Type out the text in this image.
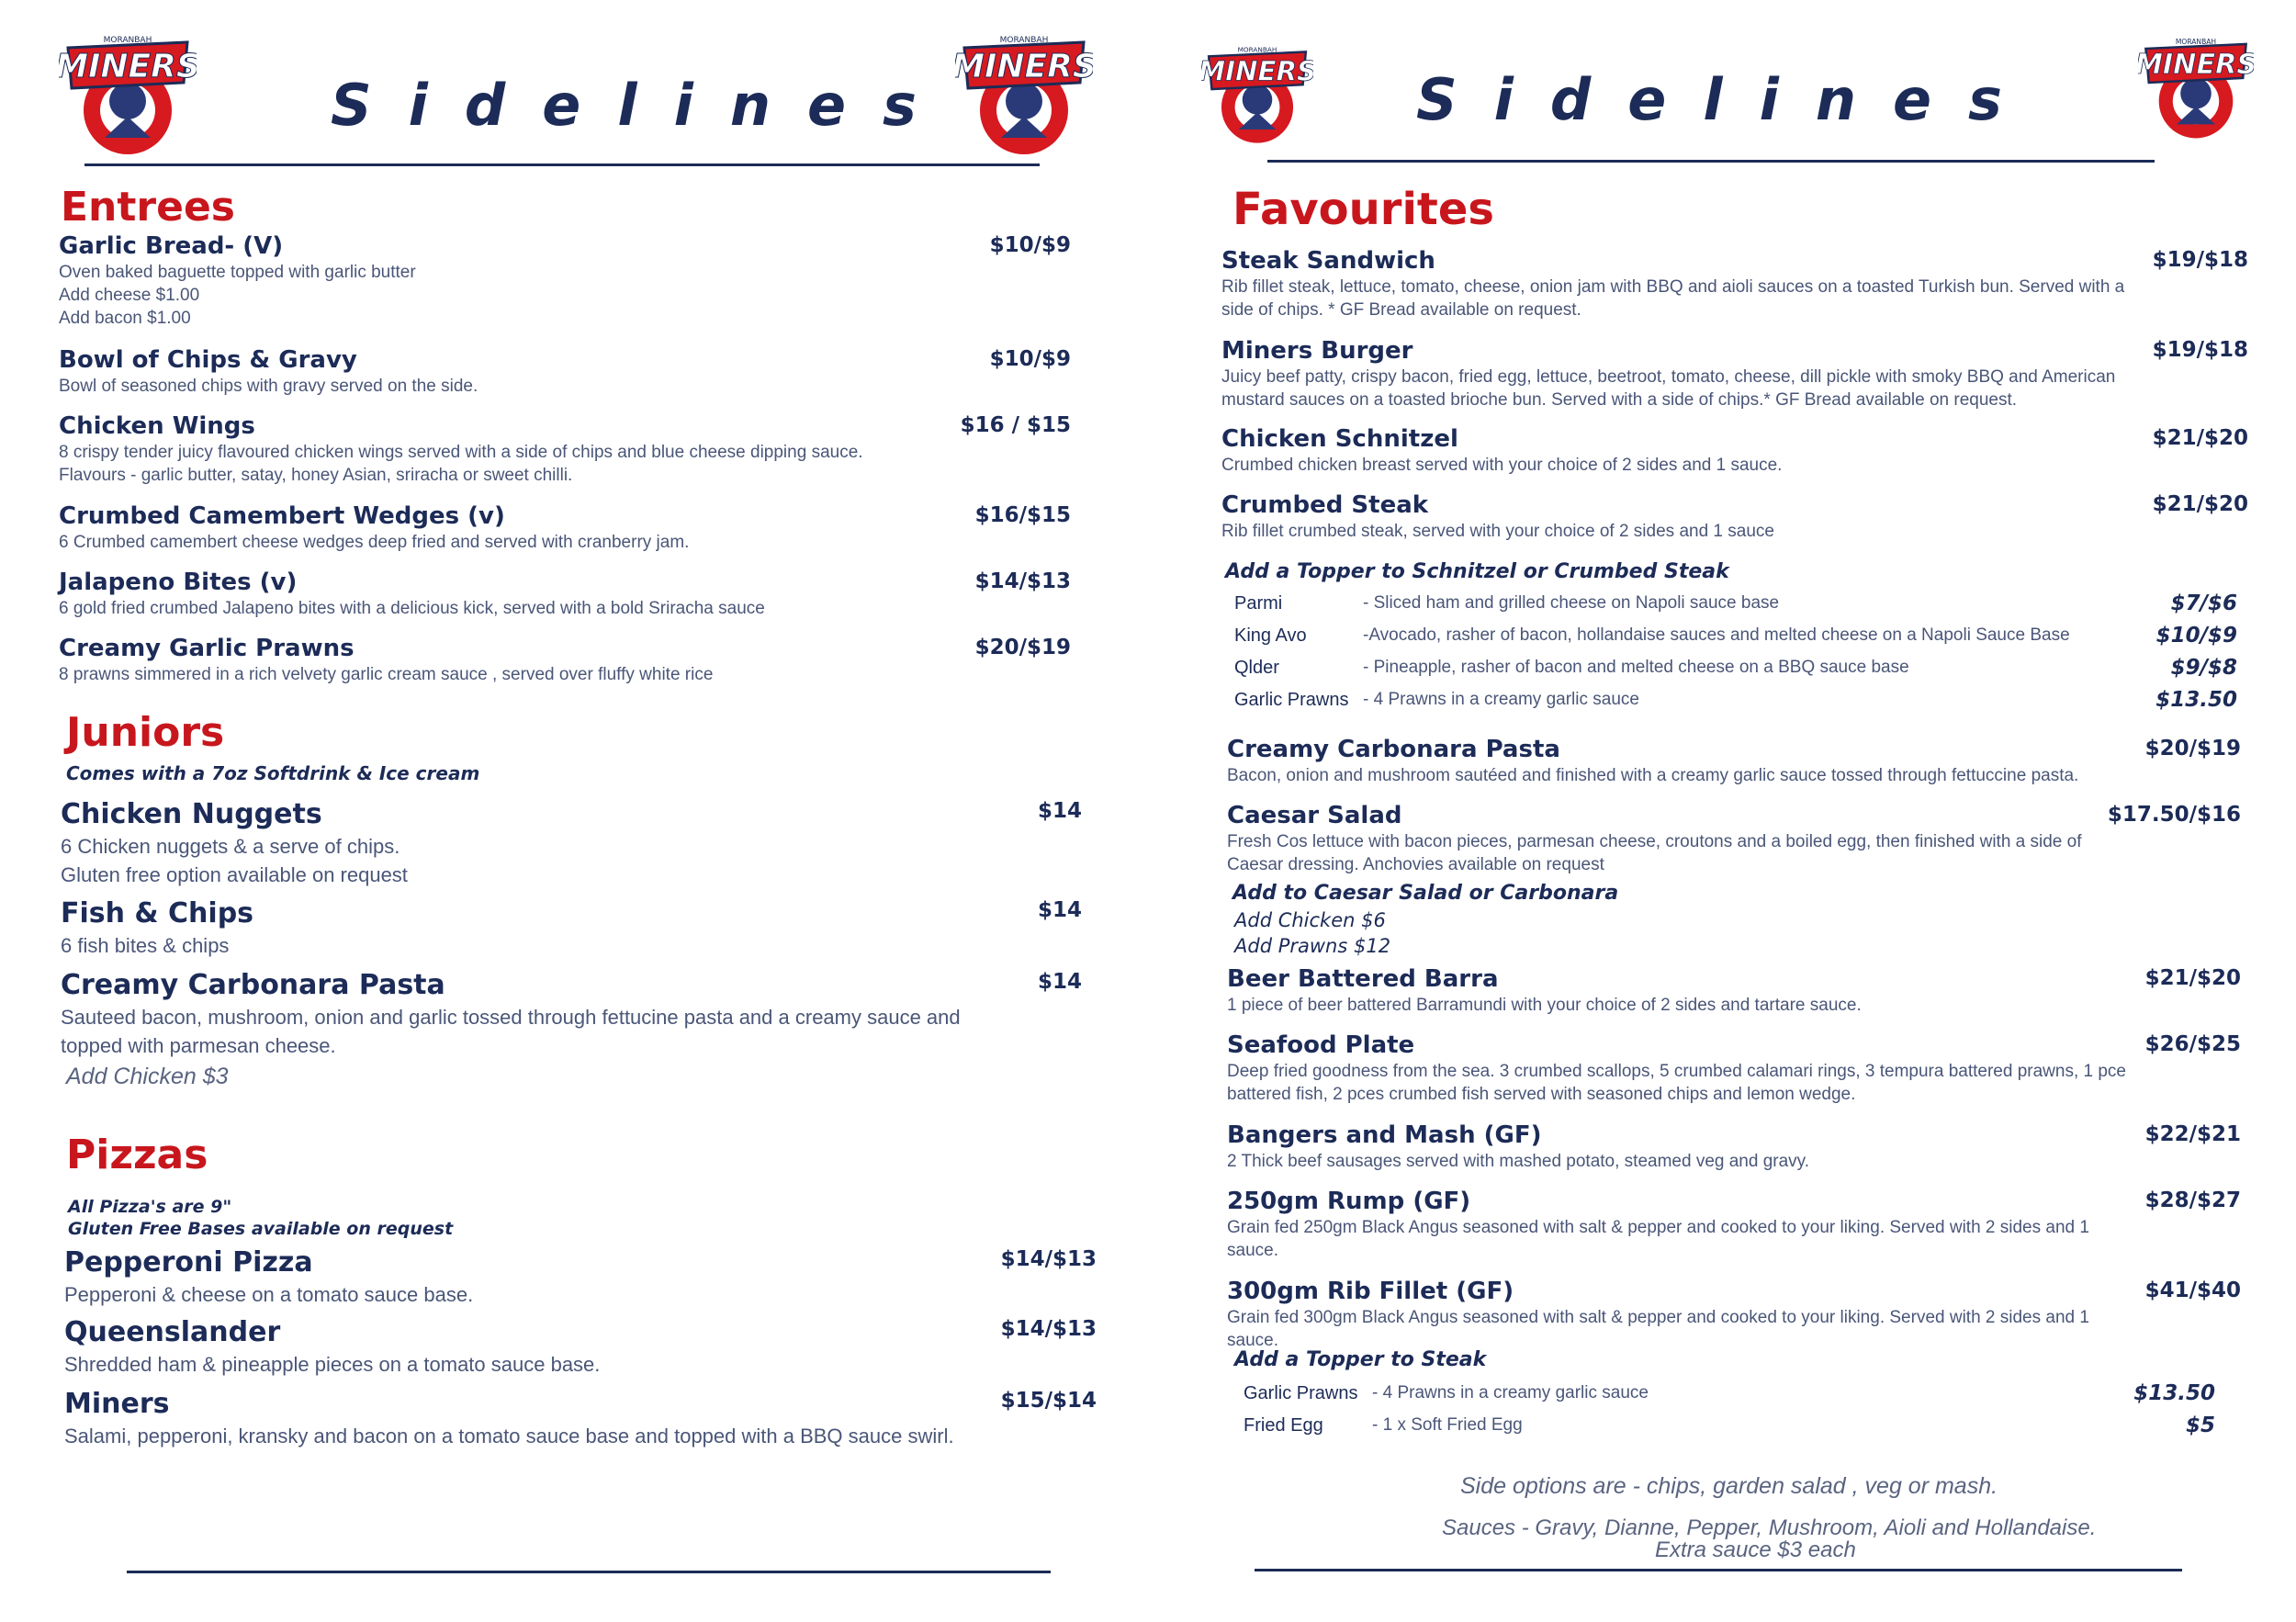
MINERS
MORANBAH
MINERS
MORANBAH
Sidelines
Entrees
Garlic Bread- (V)
Oven baked baguette topped with garlic butter
Add cheese $1.00
Add bacon $1.00
$10/$9
Bowl of Chips & Gravy
Bowl of seasoned chips with gravy served on the side.
$10/$9
Chicken Wings
8 crispy tender juicy flavoured chicken wings served with a side of chips and blue cheese dipping sauce.
Flavours - garlic butter, satay, honey Asian, sriracha or sweet chilli.
$16 / $15
Crumbed Camembert Wedges (v)
6 Crumbed camembert cheese wedges deep fried and served with cranberry jam.
$16/$15
Jalapeno Bites (v)
6 gold fried crumbed Jalapeno bites with a delicious kick, served with a bold Sriracha sauce
$14/$13
Creamy Garlic Prawns
8 prawns simmered in a rich velvety garlic cream sauce , served over fluffy white rice
$20/$19
Juniors
Comes with a 7oz Softdrink & Ice cream
Chicken Nuggets
6 Chicken nuggets & a serve of chips.
Gluten free option available on request
$14
Fish & Chips
6 fish bites & chips
$14
Creamy Carbonara Pasta
Sauteed bacon, mushroom, onion and garlic tossed through fettucine pasta and a creamy sauce and
topped with parmesan cheese.
$14
Add Chicken $3
Pizzas
All Pizza's are 9"
Gluten Free Bases available on request
Pepperoni Pizza
Pepperoni & cheese on a tomato sauce base.
$14/$13
Queenslander
Shredded ham & pineapple pieces on a tomato sauce base.
$14/$13
Miners
Salami, pepperoni, kransky and bacon on a tomato sauce base and topped with a BBQ sauce swirl.
$15/$14
MINERS
MORANBAH	MINERS
MORANBAH
Sidelines
Favourites
Steak Sandwich
Rib fillet steak, lettuce, tomato, cheese, onion jam with BBQ and aioli sauces on a toasted Turkish bun. Served with a
side of chips. * GF Bread available on request.
$19/$18
Miners Burger
Juicy beef patty, crispy bacon, fried egg, lettuce, beetroot, tomato, cheese, dill pickle with smoky BBQ and American
mustard sauces on a toasted brioche bun. Served with a side of chips.* GF Bread available on request.
$19/$18
Chicken Schnitzel
Crumbed chicken breast served with your choice of 2 sides and 1 sauce.
$21/$20
Crumbed Steak
Rib fillet crumbed steak, served with your choice of 2 sides and 1 sauce
$21/$20
Add a Topper to Schnitzel or Crumbed Steak
Parmi	- Sliced ham and grilled cheese on Napoli sauce base	$7/$6
King Avo	-Avocado, rasher of bacon, hollandaise sauces and melted cheese on a Napoli Sauce Base	$10/$9
Qlder	- Pineapple, rasher of bacon and melted cheese on a BBQ sauce base	$9/$8
Garlic Prawns - 4 Prawns in a creamy garlic sauce	$13.50
Creamy Carbonara Pasta
Bacon, onion and mushroom sautéed and finished with a creamy garlic sauce tossed through fettuccine pasta.
$20/$19
Caesar Salad
Fresh Cos lettuce with bacon pieces, parmesan cheese, croutons and a boiled egg, then finished with a side of
Caesar dressing. Anchovies available on request
$17.50/$16
Add to Caesar Salad or Carbonara
Add Chicken $6
Add Prawns $12
Beer Battered Barra
1 piece of beer battered Barramundi with your choice of 2 sides and tartare sauce.
$21/$20
Seafood Plate
Deep fried goodness from the sea. 3 crumbed scallops, 5 crumbed calamari rings, 3 tempura battered prawns, 1 pce
battered fish, 2 pces crumbed fish served with seasoned chips and lemon wedge.
$26/$25
Bangers and Mash (GF)
2 Thick beef sausages served with mashed potato, steamed veg and gravy.
$22/$21
250gm Rump (GF)
Grain fed 250gm Black Angus seasoned with salt & pepper and cooked to your liking. Served with 2 sides and 1
sauce.
$28/$27
300gm Rib Fillet (GF)
Grain fed 300gm Black Angus seasoned with salt & pepper and cooked to your liking. Served with 2 sides and 1 sauce.
$41/$40
Add a Topper to Steak
Garlic Prawns - 4 Prawns in a creamy garlic sauce	$13.50
Fried Egg	- 1 x Soft Fried Egg	$5
Side options are - chips, garden salad , veg or mash.
Sauces - Gravy, Dianne, Pepper, Mushroom, Aioli and Hollandaise.
Extra sauce $3 each
